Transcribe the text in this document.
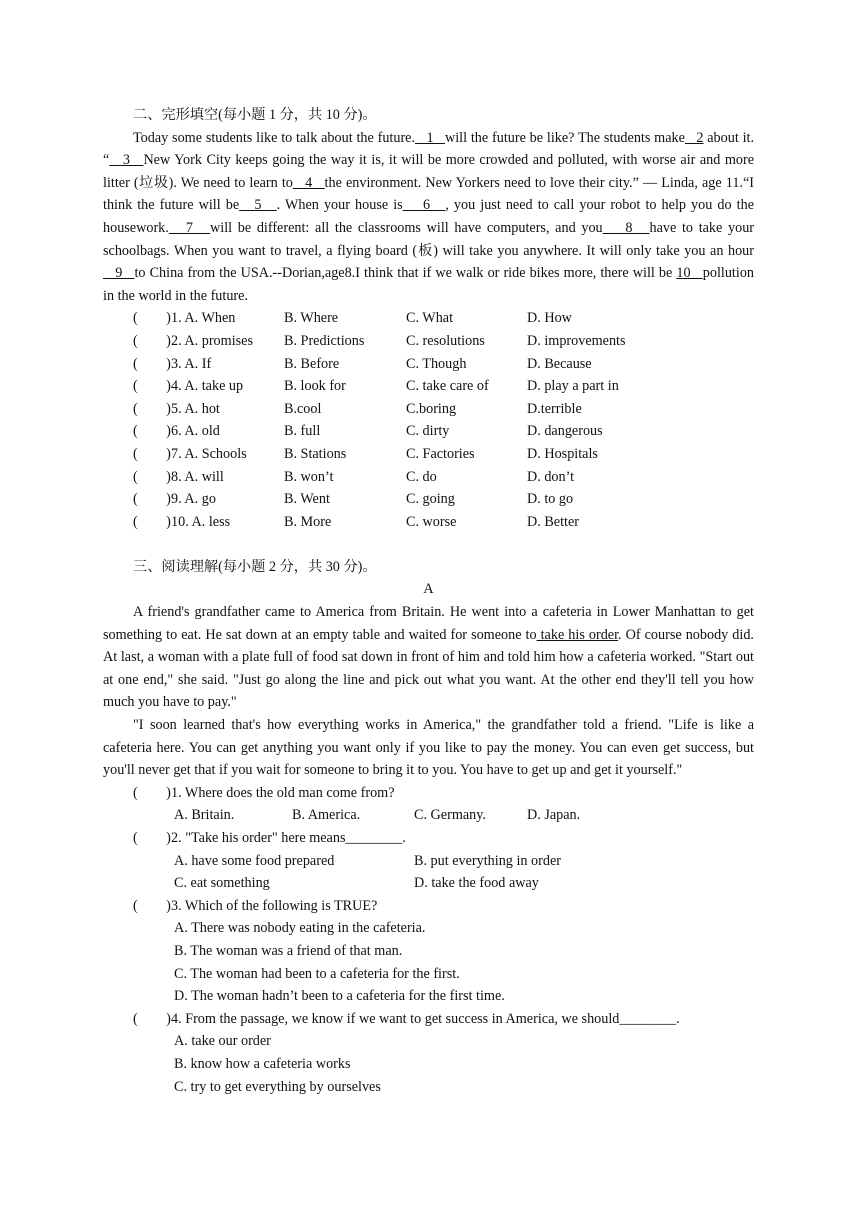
二、完形填空(每小题 1 分，共 10 分)。

Today some students like to talk about the future.   1   will the future be like? The students make   2 about it. “   3   New York City keeps going the way it is, it will be more crowded and polluted, with worse air and more litter (垃圾). We need to learn to   4   the environment. New Yorkers need to love their city.” — Linda, age 11.“I think the future will be   5   . When your house is    6   , you just need to call your robot to help you do the housework.   7   will be different: all the classrooms will have computers, and you    8   have to take your schoolbags. When you want to travel, a flying board (板) will take you anywhere. It will only take you an hour    9   to China from the USA.--Dorian,age8.I think that if we walk or ride bikes more, there will be 10   pollution in the world in the future.

(　　) 1. A. When	B. Where	C. What	D. How
(　　) 2. A. promises B. Predictions	C. resolutions	D. improvements
(　　) 3. A. If	B. Before	C. Though	D. Because
(　　) 4. A. take up	B. look for	C. take care of	D. play a part in
(　　) 5. A. hot	B.cool	C.boring	D.terrible
(　　) 6. A. old	B. full	C. dirty	D. dangerous
(　　) 7. A. Schools	B. Stations	C. Factories	D. Hospitals
(　　) 8. A. will	B. won’t	C. do	D. don’t
(　　) 9. A. go	B. Went	C. going	D. to go
(　　) 10. A. less	B. More	C. worse	D. Better
三、阅读理解(每小题 2 分，共 30 分)。
A

A friend's grandfather came to America from Britain. He went into a cafeteria in Lower Manhattan to get something to eat. He sat down at an empty table and waited for someone to take his order. Of course nobody did. At last, a woman with a plate full of food sat down in front of him and told him how a cafeteria worked. "Start out at one end," she said. "Just go along the line and pick out what you want. At the other end they'll tell you how much you have to pay."

"I soon learned that's how everything works in America," the grandfather told a friend. "Life is like a cafeteria here. You can get anything you want only if you like to pay the money. You can even get success, but you'll never get that if you wait for someone to bring it to you. You have to get up and get it yourself."

(　　) 1. Where does the old man come from?
A. Britain.	B. America.	C. Germany.	D. Japan.
(　　) 2. "Take his order" here means________.
A. have some food prepared	B. put everything in order
C. eat something	D. take the food away
(　　) 3. Which of the following is TRUE?
A. There was nobody eating in the cafeteria.
B. The woman was a friend of that man.
C. The woman had been to a cafeteria for the first.
D. The woman hadn’t been to a cafeteria for the first time.
(　　) 4. From the passage, we know if we want to get success in America, we should________.
A. take our order
B. know how a cafeteria works
C. try to get everything by ourselves
